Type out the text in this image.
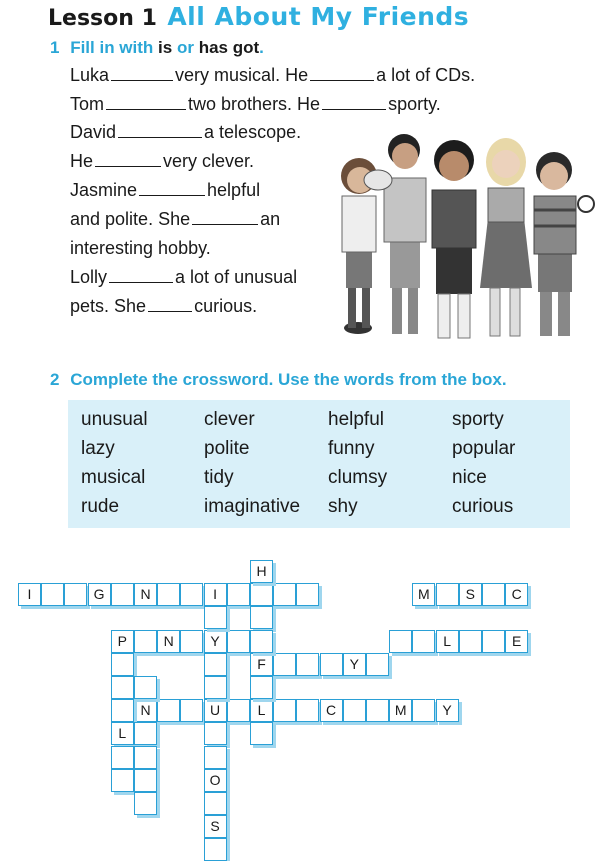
Lesson 1 All About My Friends
1 Fill in with is or has got.
Luka	very musical. He	a lot of CDs.
Tom	two brothers. He	sporty.
David	a telescope.
He	very clever.
Jasmine	helpful
and polite. She	an
interesting hobby.
Lolly	a lot of unusual
pets. She	curious.
2 Complete the crossword. Use the words from the box.
unusual	clever	helpful	sporty
lazy	polite	funny	popular
musical	tidy	clumsy	nice
rude	imaginative shy	curious
I	G	N	I	M	S	C
P	N	Y	L	E
F	Y
N	U	L	C	M	Y
H
O
S
L
